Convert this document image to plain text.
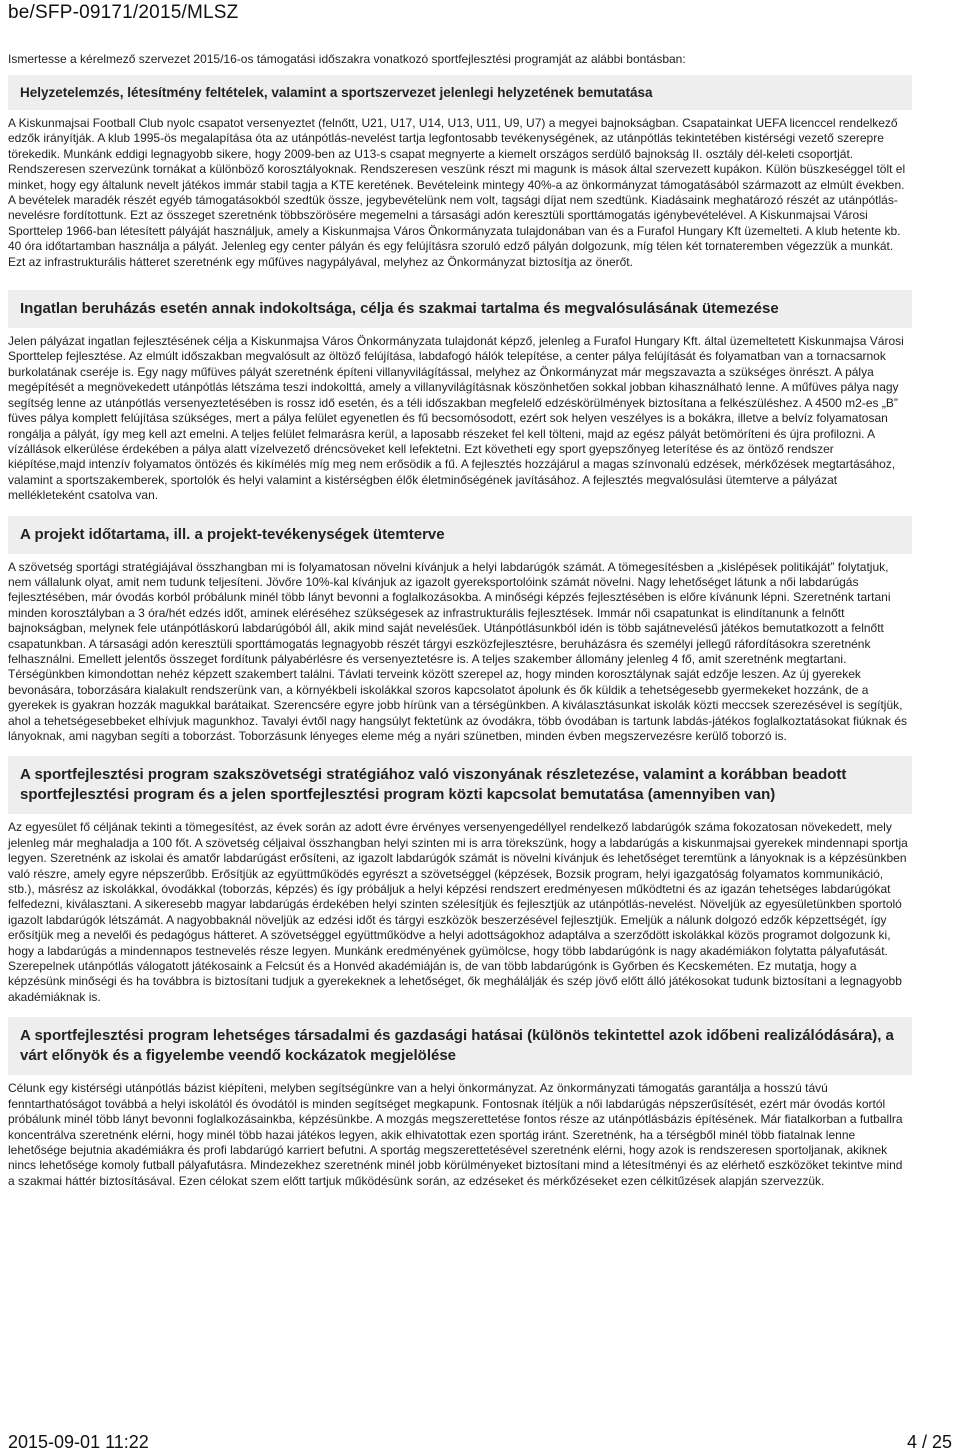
be/SFP-09171/2015/MLSZ
Ismertesse a kérelmező szervezet 2015/16-os támogatási időszakra vonatkozó sportfejlesztési programját az alábbi bontásban:
Helyzetelemzés, létesítmény feltételek, valamint a sportszervezet jelenlegi helyzetének bemutatása
A Kiskunmajsai Football Club nyolc csapatot versenyeztet (felnőtt, U21, U17, U14, U13, U11, U9, U7) a megyei bajnokságban. Csapatainkat UEFA licenccel rendelkező edzők irányítják. A klub 1995-ös megalapítása óta az utánpótlás-nevelést tartja legfontosabb tevékenységének, az utánpótlás tekintetében kistérségi vezető szerepre törekedik. Munkánk eddigi legnagyobb sikere, hogy 2009-ben az U13-s csapat megnyerte a kiemelt országos serdülő bajnokság II. osztály dél-keleti csoportját. Rendszeresen szervezünk tornákat a különböző korosztályoknak. Rendszeresen veszünk részt mi magunk is mások által szervezett kupákon. Külön büszkeséggel tölt el minket, hogy egy általunk nevelt játékos immár stabil tagja a KTE keretének. Bevételeink mintegy 40%-a az önkormányzat támogatásából származott az elmúlt években. A bevételek maradék részét egyéb támogatásokból szedtük össze, jegybevételünk nem volt, tagsági díjat nem szedtünk. Kiadásaink meghatározó részét az utánpótlás-nevelésre fordítottunk. Ezt az összeget szeretnénk többszörösére megemelni a társasági adón keresztüli sporttámogatás igénybevételével. A Kiskunmajsai Városi Sporttelep 1966-ban létesített pályáját használjuk, amely a Kiskunmajsa Város Önkormányzata tulajdonában van és a Furafol Hungary Kft üzemelteti. A klub hetente kb. 40 óra időtartamban használja a pályát. Jelenleg egy center pályán és egy felújításra szoruló edző pályán dolgozunk, míg télen két tornateremben végezzük a munkát. Ezt az infrastrukturális hátteret szeretnénk egy műfüves nagypályával, melyhez az Önkormányzat biztosítja az önerőt.
Ingatlan beruházás esetén annak indokoltsága, célja és szakmai tartalma és megvalósulásának ütemezése
Jelen pályázat ingatlan fejlesztésének célja a Kiskunmajsa Város Önkormányzata tulajdonát képző, jelenleg a Furafol Hungary Kft. által üzemeltetett Kiskunmajsa Városi Sporttelep fejlesztése. Az elmúlt időszakban megvalósult az öltöző felújítása, labdafogó hálók telepítése, a center pálya felújítását és folyamatban van a tornacsarnok burkolatának cseréje is. Egy nagy műfüves pályát szeretnénk építeni villanyvilágítással, melyhez az Önkormányzat már megszavazta a szükséges önrészt. A pálya megépítését a megnövekedett utánpótlás létszáma teszi indokolttá, amely a villanyvilágításnak köszönhetően sokkal jobban kihasználható lenne. A műfüves pálya nagy segítség lenne az utánpótlás versenyeztetésében is rossz idő esetén, és a téli időszakban megfelelő edzéskörülmények biztosítana a felkészüléshez. A 4500 m2-es „B” füves pálya komplett felújítása szükséges, mert a pálya felület egyenetlen és fű becsomósodott, ezért sok helyen veszélyes is a bokákra, illetve a belvíz folyamatosan rongálja a pályát, így meg kell azt emelni. A teljes felület felmarásra kerül, a laposabb részeket fel kell tölteni, majd az egész pályát betömöríteni és újra profilozni. A vízállások elkerülése érdekében a pálya alatt vízelvezető dréncsöveket kell lefektetni. Ezt követheti egy sport gyepszőnyeg leterítése és az öntöző rendszer kiépítése,majd intenzív folyamatos öntözés és kikímélés míg meg nem erősödik a fű. A fejlesztés hozzájárul a magas színvonalú edzések, mérkőzések megtartásához, valamint a sportszakemberek, sportolók és helyi valamint a kistérségben élők életminőségének javításához. A fejlesztés megvalósulási ütemterve a pályázat mellékleteként csatolva van.
A projekt időtartama, ill. a projekt-tevékenységek ütemterve
A szövetség sportági stratégiájával összhangban mi is folyamatosan növelni kívánjuk a helyi labdarúgók számát. A tömegesítésben a „kislépések politikáját” folytatjuk, nem vállalunk olyat, amit nem tudunk teljesíteni. Jövőre 10%-kal kívánjuk az igazolt gyereksportolóink számát növelni. Nagy lehetőséget látunk a női labdarúgás fejlesztésében, már óvodás korból próbálunk minél több lányt bevonni a foglalkozásokba. A minőségi képzés fejlesztésében is előre kívánunk lépni. Szeretnénk tartani minden korosztályban a 3 óra/hét edzés időt, aminek eléréséhez szükségesek az infrastrukturális fejlesztések. Immár női csapatunkat is elindítanunk a felnőtt bajnokságban, melynek fele utánpótláskorú labdarúgóból áll, akik mind saját nevelésűek. Utánpótlásunkból idén is több sajátnevelésű játékos bemutatkozott a felnőtt csapatunkban. A társasági adón keresztüli sporttámogatás legnagyobb részét tárgyi eszközfejlesztésre, beruházásra és személyi jellegű ráfordításokra szeretnénk felhasználni. Emellett jelentős összeget fordítunk pályabérlésre és versenyeztetésre is. A teljes szakember állomány jelenleg 4 fő, amit szeretnénk megtartani. Térségünkben kimondottan nehéz képzett szakembert találni. Távlati terveink között szerepel az, hogy minden korosztálynak saját edzője leszen. Az új gyerekek bevonására, toborzására kialakult rendszerünk van, a környékbeli iskolákkal szoros kapcsolatot ápolunk és ők küldik a tehetségesebb gyermekeket hozzánk, de a gyerekek is gyakran hozzák magukkal barátaikat. Szerencsére egyre jobb hírünk van a térségünkben. A kiválasztásunkat iskolák közti meccsek szerezésével is segítjük, ahol a tehetségesebbeket elhívjuk magunkhoz. Tavalyi évtől nagy hangsúlyt fektetünk az óvodákra, több óvodában is tartunk labdás-játékos foglalkoztatásokat fiúknak és lányoknak, ami nagyban segíti a toborzást. Toborzásunk lényeges eleme még a nyári szünetben, minden évben megszervezésre kerülő toborzó is.
A sportfejlesztési program szakszövetségi stratégiához való viszonyának részletezése, valamint a korábban beadott sportfejlesztési program és a jelen sportfejlesztési program közti kapcsolat bemutatása (amennyiben van)
Az egyesület fő céljának tekinti a tömegesítést, az évek során az adott évre érvényes versenyengedéllyel rendelkező labdarúgók száma fokozatosan növekedett, mely jelenleg már meghaladja a 100 főt. A szövetség céljaival összhangban helyi szinten mi is arra törekszünk, hogy a labdarúgás a kiskunmajsai gyerekek mindennapi sportja legyen. Szeretnénk az iskolai és amatőr labdarúgást erősíteni, az igazolt labdarúgók számát is növelni kívánjuk és lehetőséget teremtünk a lányoknak is a képzésünkben való részre, amely egyre népszerűbb. Erősítjük az együttműködés egyrészt a szövetséggel (képzések, Bozsik program, helyi igazgatóság folyamatos kommunikáció, stb.), másrész az iskolákkal, óvodákkal (toborzás, képzés) és így próbáljuk a helyi képzési rendszert eredményesen működtetni és az igazán tehetséges labdarúgókat felfedezni, kiválasztani. A sikeresebb magyar labdarúgás érdekében helyi szinten szélesítjük és fejlesztjük az utánpótlás-nevelést. Növeljük az egyesületünkben sportoló igazolt labdarúgók létszámát. A nagyobbaknál növeljük az edzési időt és tárgyi eszközök beszerzésével fejlesztjük. Emeljük a nálunk dolgozó edzők képzettségét, így erősítjük meg a nevelői és pedagógus hátteret. A szövetséggel együttműködve a helyi adottságokhoz adaptálva a szerződött iskolákkal közös programot dolgozunk ki, hogy a labdarúgás a mindennapos testnevelés része legyen. Munkánk eredményének gyümölcse, hogy több labdarúgónk is nagy akadémiákon folytatta pályafutását. Szerepelnek utánpótlás válogatott játékosaink a Felcsút és a Honvéd akadémiáján is, de van több labdarúgónk is Győrben és Kecskeméten. Ez mutatja, hogy a képzésünk minőségi és ha továbbra is biztosítani tudjuk a gyerekeknek a lehetőséget, ők meghálálják és szép jövő előtt álló játékosokat tudunk biztosítani a legnagyobb akadémiáknak is.
A sportfejlesztési program lehetséges társadalmi és gazdasági hatásai (különös tekintettel azok időbeni realizálódására), a várt előnyök és a figyelembe veendő kockázatok megjelölése
Célunk egy kistérségi utánpótlás bázist kiépíteni, melyben segítségünkre van a helyi önkormányzat. Az önkormányzati támogatás garantálja a hosszú távú fenntarthatóságot továbbá a helyi iskolától és óvodától is minden segítséget megkapunk. Fontosnak ítéljük a női labdarúgás népszerűsítését, ezért már óvodás kortól próbálunk minél több lányt bevonni foglalkozásainkba, képzésünkbe. A mozgás megszerettetése fontos része az utánpótlásbázis építésének. Már fiatalkorban a futballra koncentrálva szeretnénk elérni, hogy minél több hazai játékos legyen, akik elhivatottak ezen sportág iránt. Szeretnénk, ha a térségből minél több fiatalnak lenne lehetősége bejutnia akadémiákra és profi labdarúgó karriert befutni. A sportág megszerettetésével szeretnénk elérni, hogy azok is rendszeresen sportoljanak, akiknek nincs lehetősége komoly futball pályafutásra. Mindezekhez szeretnénk minél jobb körülményeket biztosítani mind a létesítményi és az elérhető eszközöket tekintve mind a szakmai háttér biztosításával. Ezen célokat szem előtt tartjuk működésünk során, az edzéseket és mérkőzéseket ezen célkitűzések alapján szervezzük.
2015-09-01 11:22	4 / 25
